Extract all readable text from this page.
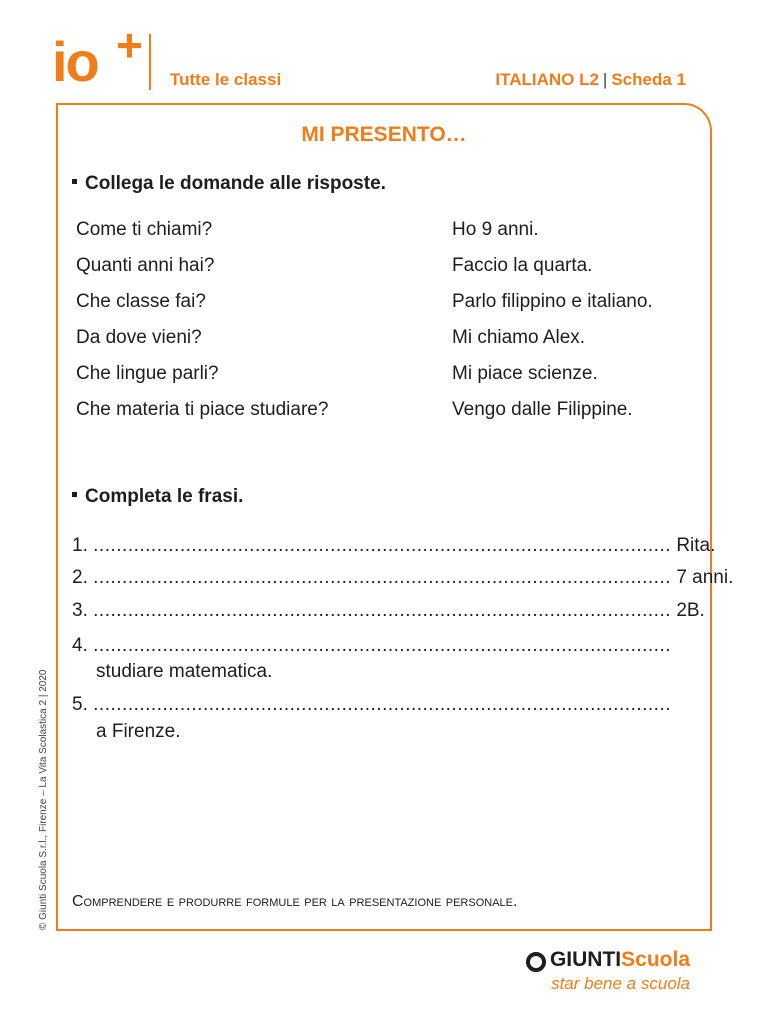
io +
Tutte le classi	ITALIANO L2 | Scheda 1
MI PRESENTO…
Collega le domande alle risposte.
Come ti chiami?
Quanti anni hai?
Che classe fai?
Da dove vieni?
Che lingue parli?
Che materia ti piace studiare?
Ho 9 anni.
Faccio la quarta.
Parlo filippino e italiano.
Mi chiamo Alex.
Mi piace scienze.
Vengo dalle Filippine.
Completa le frasi.
1. .................................................................................................... Rita.
2. .................................................................................................... 7 anni.
3. .................................................................................................... 2B.
4. ....................................................................................................
studiare matematica.
5. ....................................................................................................
a Firenze.
Comprendere e produrre formule per la presentazione personale.
© Giunti Scuola S.r.l., Firenze – La Vita Scolastica 2 | 2020
GIUNTIScuola
star bene a scuola
